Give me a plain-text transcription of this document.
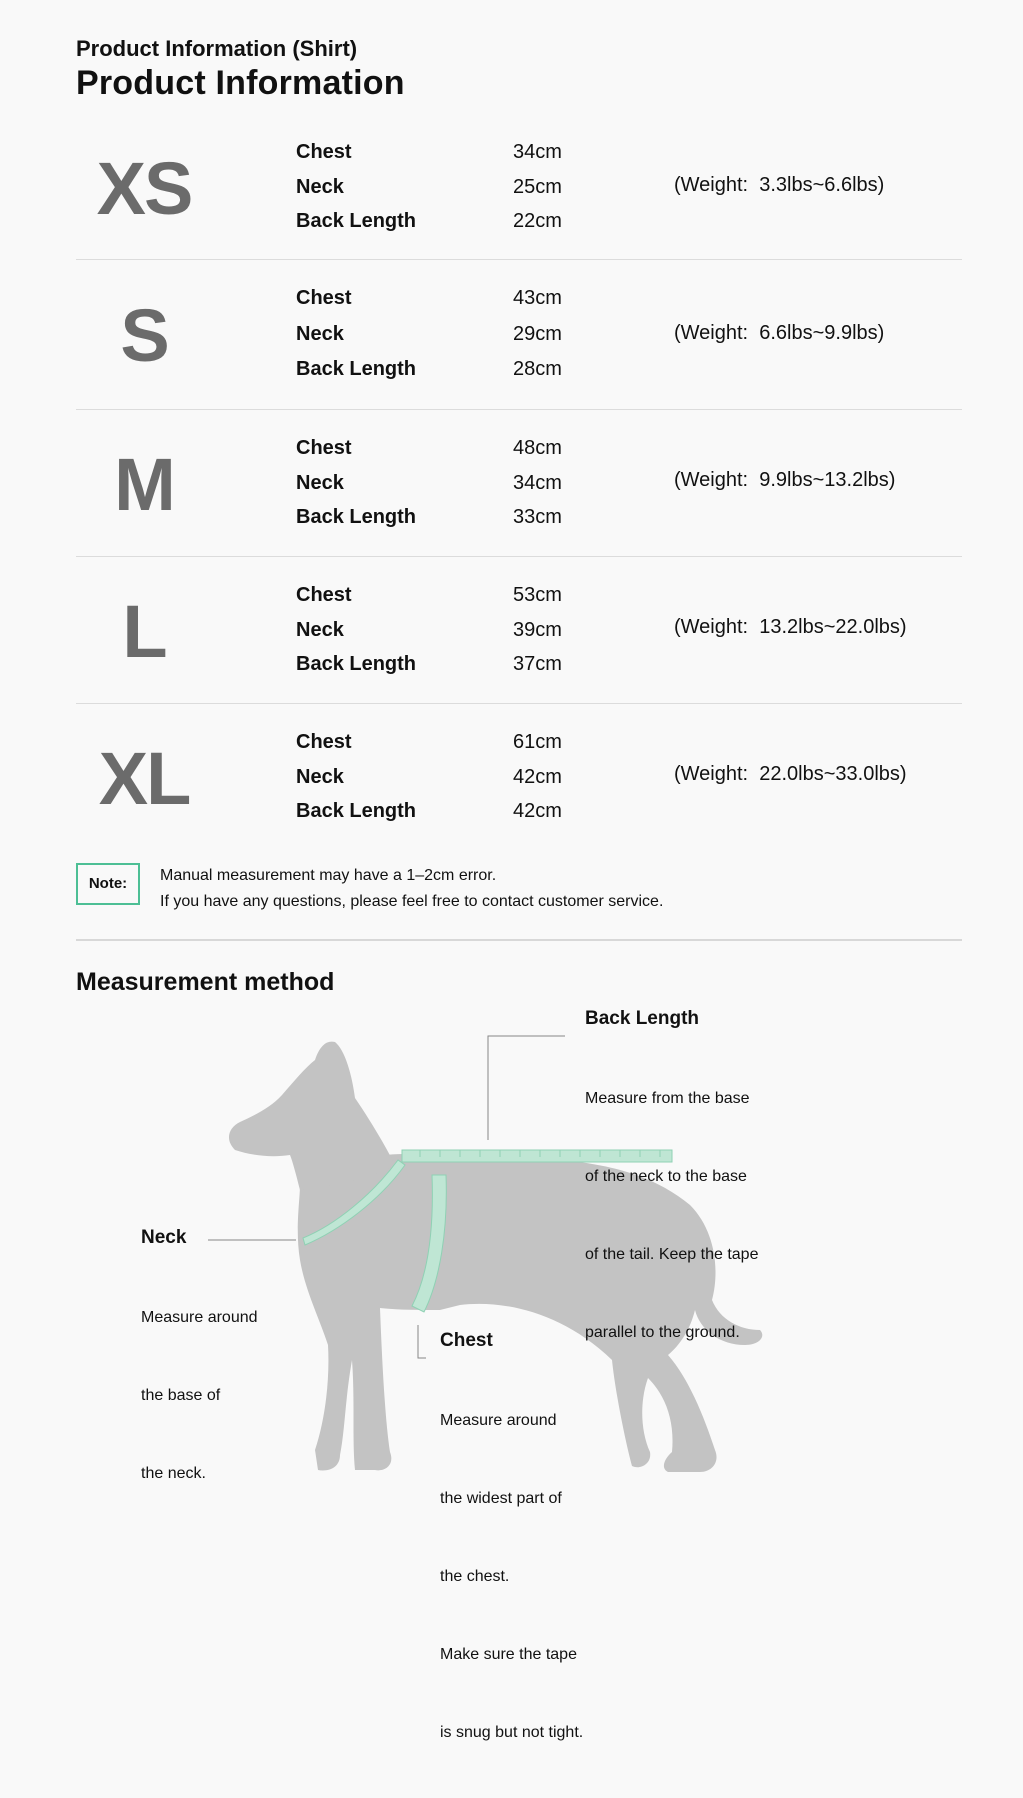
Product Information (Shirt)
Product Information
XS	Chest	34cm
Neck	25cm
Back Length	22cm
(Weight:  3.3lbs~6.6lbs)
S	Chest	43cm
Neck	29cm
Back Length	28cm
(Weight:  6.6lbs~9.9lbs)
M	Chest	48cm
Neck	34cm
Back Length	33cm
(Weight:  9.9lbs~13.2lbs)
L	Chest	53cm
Neck	39cm
Back Length	37cm
(Weight:  13.2lbs~22.0lbs)
XL	Chest	61cm
Neck	42cm
Back Length	42cm
(Weight:  22.0lbs~33.0lbs)
Note:	Manual measurement may have a 1–2cm error.
If you have any questions, please feel free to contact customer service.
Measurement method
Back Length

Measure from the base

of the neck to the base

of the tail. Keep the tape

parallel to the ground.

Neck

Measure around

the base of

the neck.

Chest

Measure around

the widest part of

the chest.

Make sure the tape

is snug but not tight.
